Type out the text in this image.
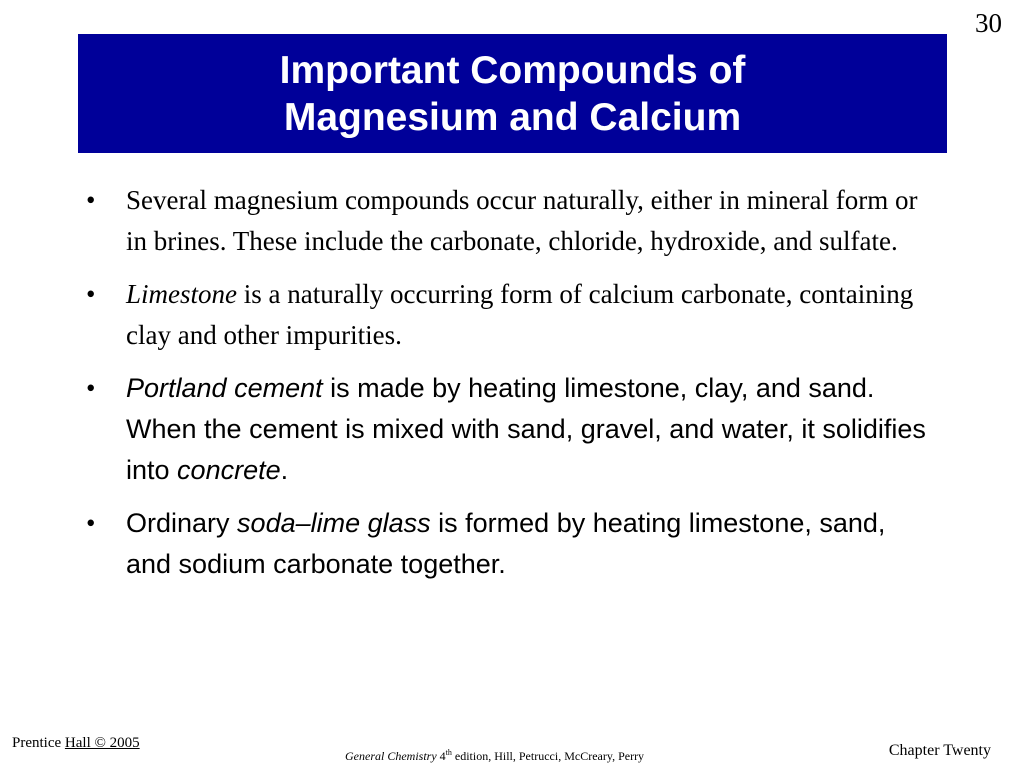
30
Important Compounds of
Magnesium and Calcium
•	Several magnesium compounds occur naturally, either in mineral form or in brines. These include the carbonate, chloride, hydroxide, and sulfate.
•	Limestone is a naturally occurring form of calcium carbonate, containing clay and other impurities.
•	Portland cement is made by heating limestone, clay, and sand. When the cement is mixed with sand, gravel, and water, it solidifies into concrete.
•	Ordinary soda–lime glass is formed by heating limestone, sand, and sodium carbonate together.
Prentice Hall © 2005
General Chemistry 4th edition, Hill, Petrucci, McCreary, Perry	Chapter Twenty
